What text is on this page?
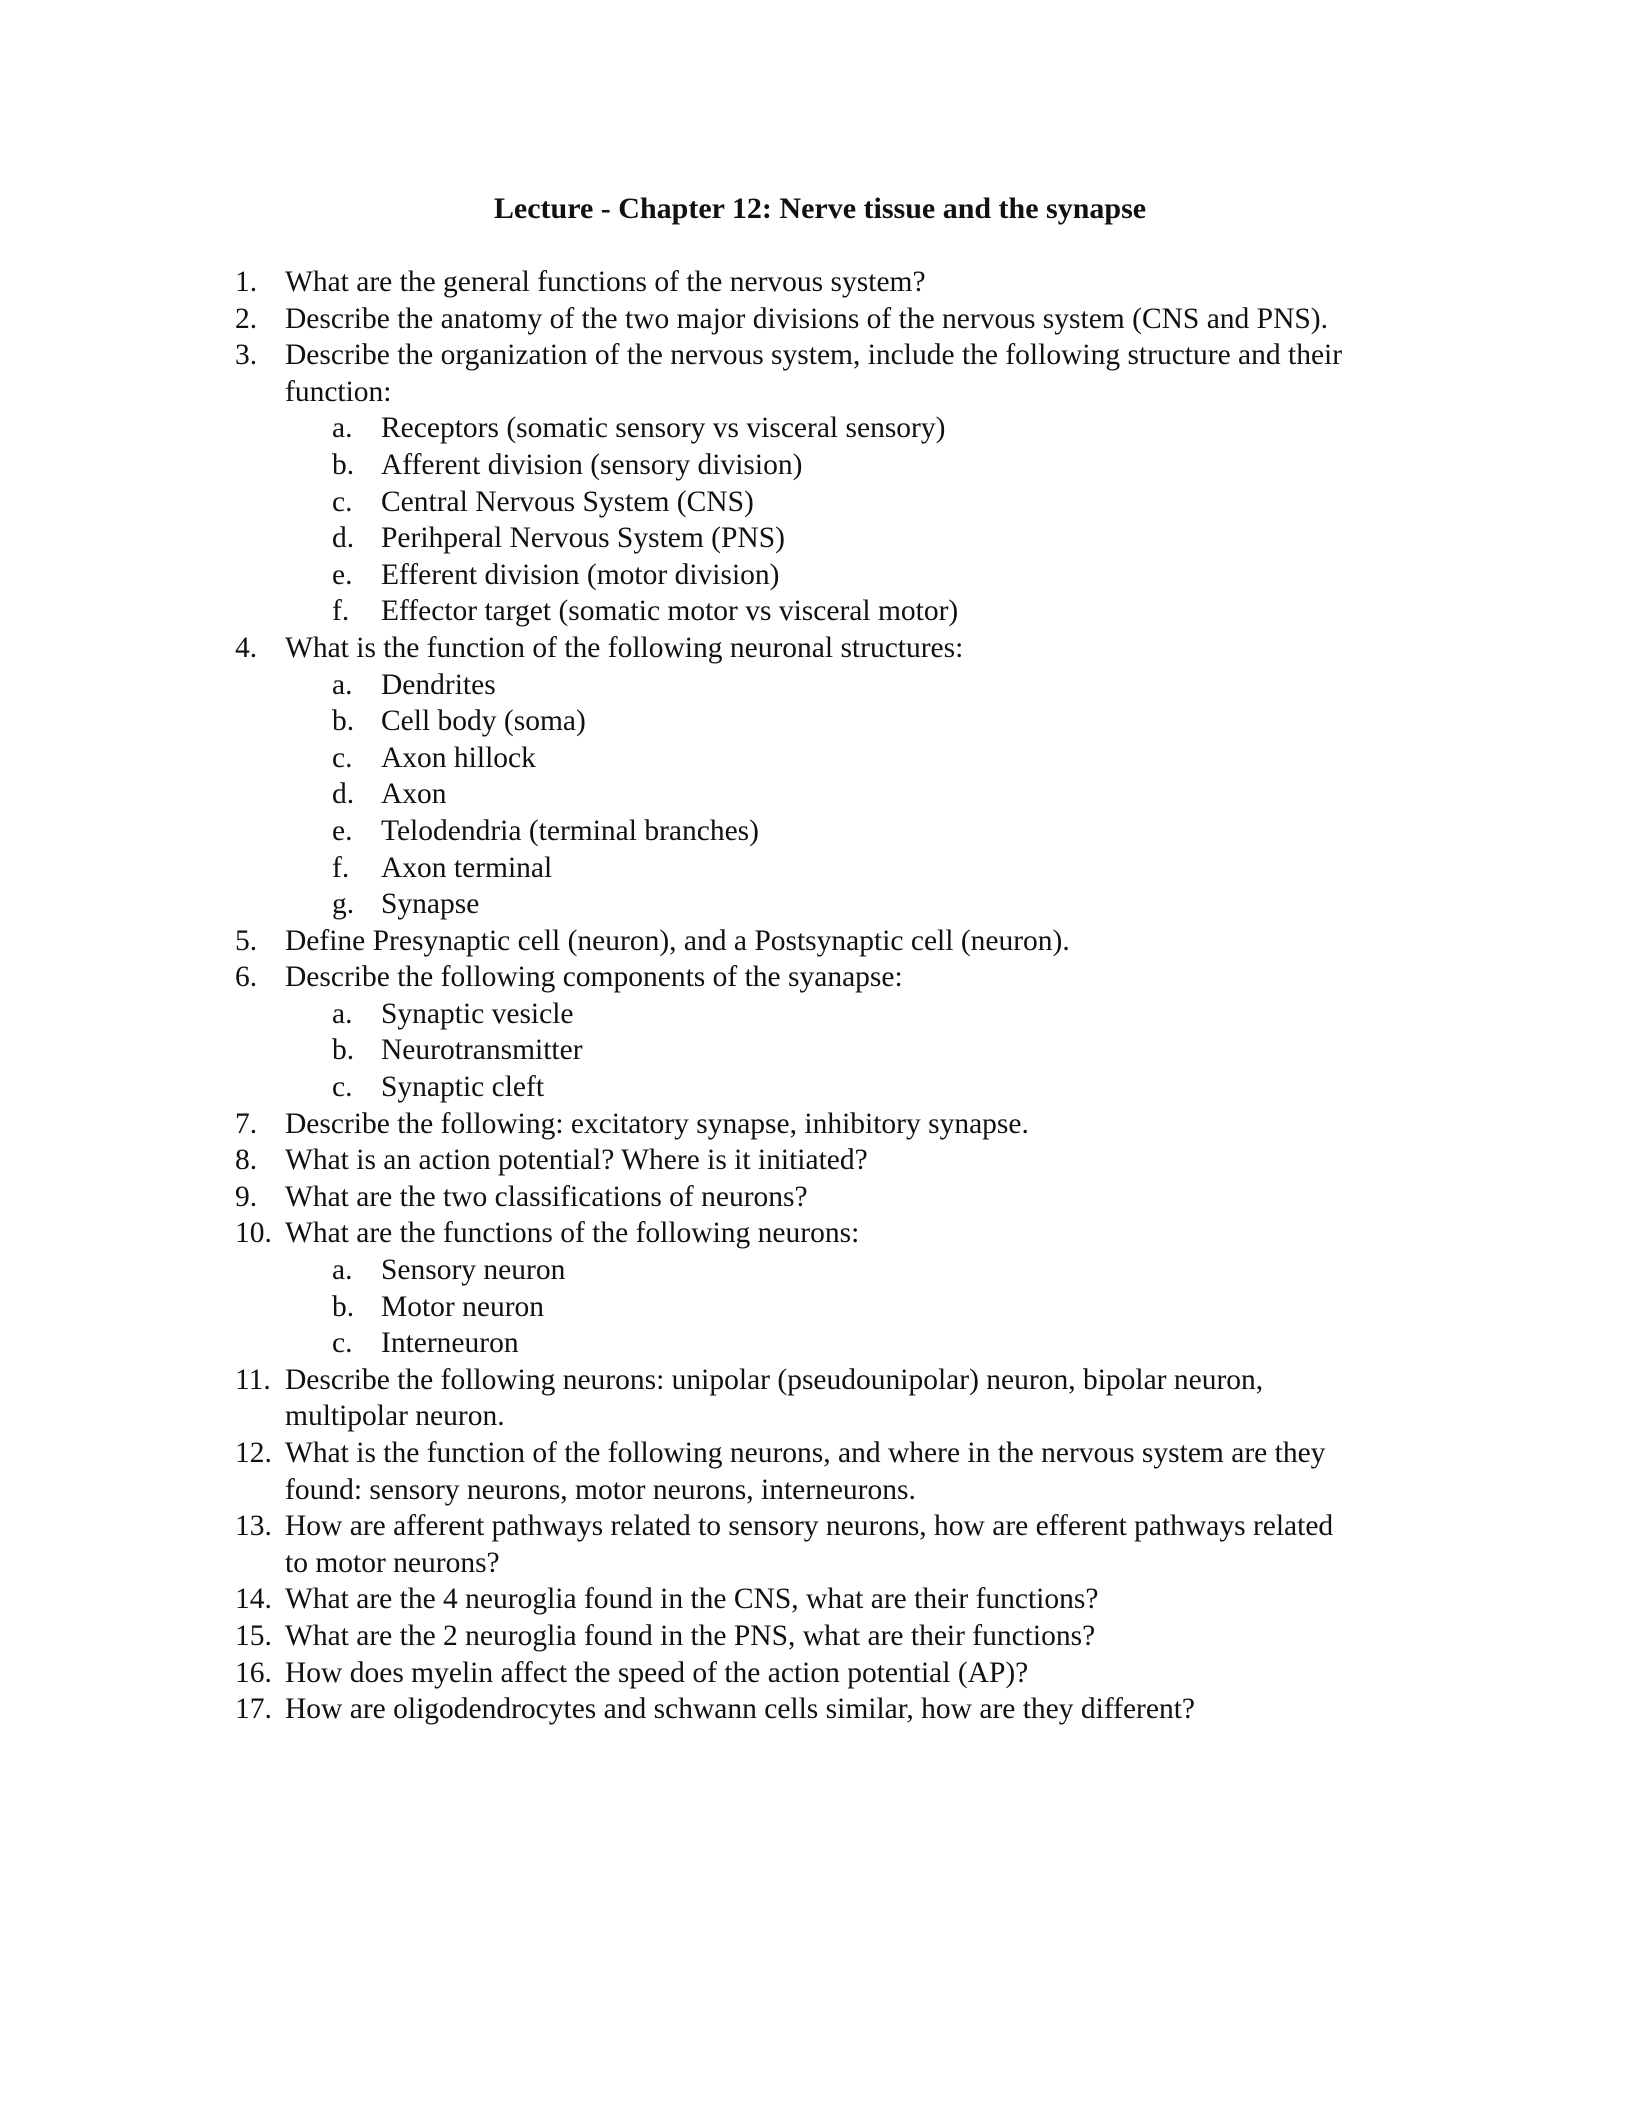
Lecture - Chapter 12: Nerve tissue and the synapse
1. What are the general functions of the nervous system?
2. Describe the anatomy of the two major divisions of the nervous system (CNS and PNS).
3. Describe the organization of the nervous system, include the following structure and their
function:
a. Receptors (somatic sensory vs visceral sensory)
b. Afferent division (sensory division)
c. Central Nervous System (CNS)
d. Perihperal Nervous System (PNS)
e. Efferent division (motor division)
f. Effector target (somatic motor vs visceral motor)
4. What is the function of the following neuronal structures:
a. Dendrites
b. Cell body (soma)
c. Axon hillock
d. Axon
e. Telodendria (terminal branches)
f. Axon terminal
g. Synapse
5. Define Presynaptic cell (neuron), and a Postsynaptic cell (neuron).
6. Describe the following components of the syanapse:
a. Synaptic vesicle
b. Neurotransmitter
c. Synaptic cleft
7. Describe the following: excitatory synapse, inhibitory synapse.
8. What is an action potential? Where is it initiated?
9. What are the two classifications of neurons?
10. What are the functions of the following neurons:
a. Sensory neuron
b. Motor neuron
c. Interneuron
11. Describe the following neurons: unipolar (pseudounipolar) neuron, bipolar neuron,
multipolar neuron.
12. What is the function of the following neurons, and where in the nervous system are they
found: sensory neurons, motor neurons, interneurons.
13. How are afferent pathways related to sensory neurons, how are efferent pathways related
to motor neurons?
14. What are the 4 neuroglia found in the CNS, what are their functions?
15. What are the 2 neuroglia found in the PNS, what are their functions?
16. How does myelin affect the speed of the action potential (AP)?
17. How are oligodendrocytes and schwann cells similar, how are they different?
